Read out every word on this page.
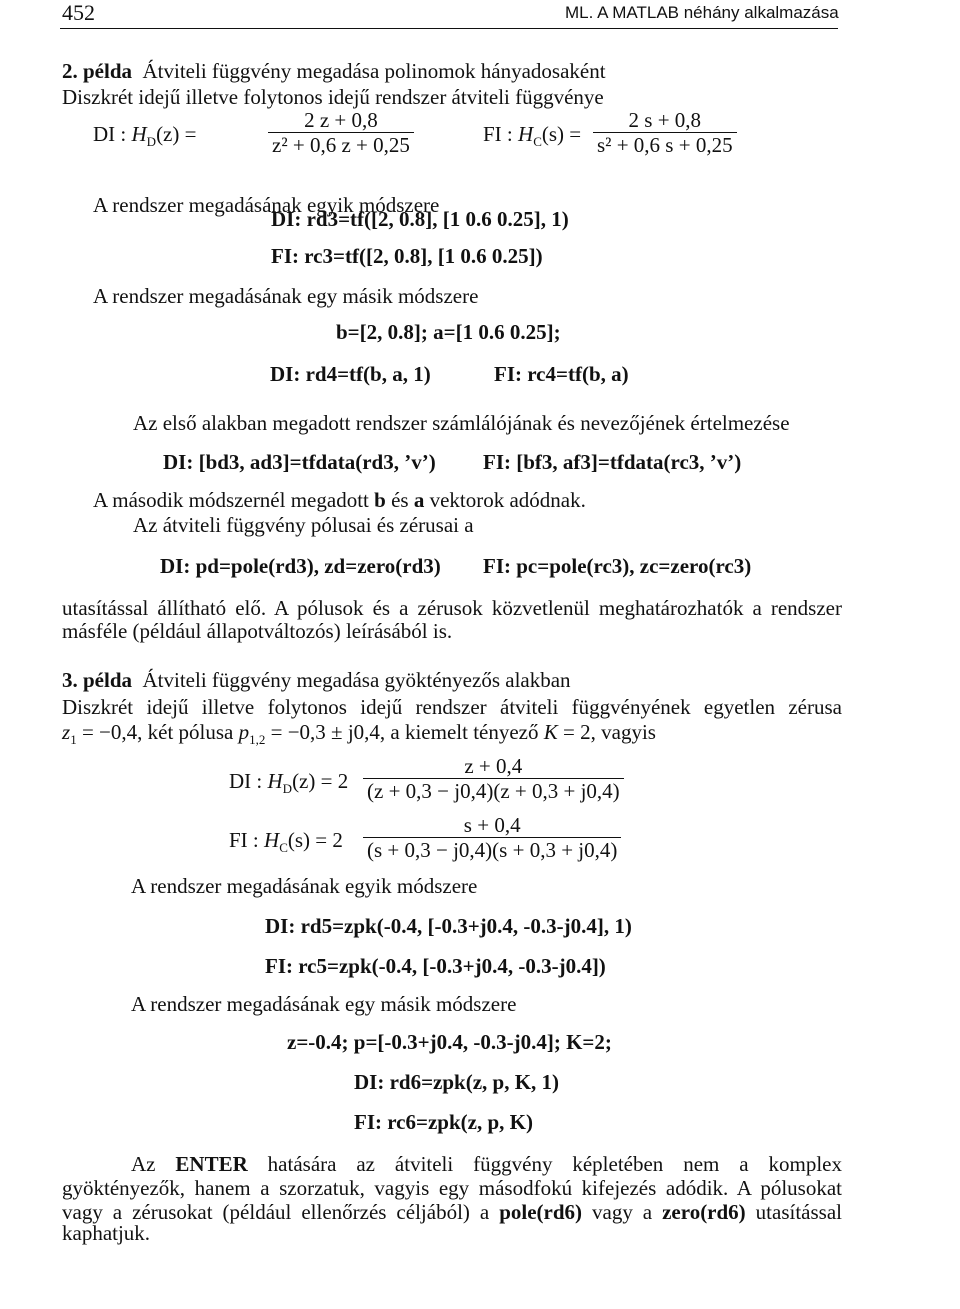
452	ML. A MATLAB néhány alkalmazása
2. példa Átviteli függvény megadása polinomok hányadosaként
Diszkrét idejű illetve folytonos idejű rendszer átviteli függvénye
DI : $H_D(z)$ =	$\frac{2 z + 0,8}{\text{z² + 0,6 z + 0,25}}$	FI : $H_C(s) = \frac{2 s + 0,8}{\text{s² + 0,6 s + 0,25}}$
A rendszer megadásának egyik módszere
DI: rd3=tf([2, 0.8], [1 0.6 0.25], 1)
FI: rc3=tf([2, 0.8], [1 0.6 0.25])
A rendszer megadásának egy másik módszere
b=[2, 0.8]; a=[1 0.6 0.25];
DI: rd4=tf(b, a, 1)	FI: rc4=tf(b, a)
Az első alakban megadott rendszer számlálójának és nevezőjének értelmezése
DI: [bd3, ad3]=tfdata(rd3, ’v’) FI: [bf3, af3]=tfdata(rc3, ’v’)
A második módszernél megadott b és a vektorok adódnak.
Az átviteli függvény pólusai és zérusai a
DI: pd=pole(rd3), zd=zero(rd3) FI: pc=pole(rc3), zc=zero(rc3)
utasítással állítható elő. A pólusok és a zérusok közvetlenül meghatározhatók a rendszer
másféle (például állapotváltozós) leírásából is.
3. példa Átviteli függvény megadása gyöktényezős alakban
Diszkrét idejű illetve folytonos idejű rendszer átviteli függvényének egyetlen zérusa
$z_1 = -0,4$, két pólusa $p_{1,2} = -0,3 \pm j0,4$, a kiemelt tényező K = 2, vagyis
DI : $H_D(z) = 2 \frac{z + 0,4}{(z + 0,3 - j0,4)(z + 0,3 + j0,4)}$
FI : $H_C(s) = 2 \frac{s + 0,4}{(s + 0,3 - j0,4)(s + 0,3 + j0,4)}$
A rendszer megadásának egyik módszere
DI: rd5=zpk(-0.4, [-0.3+j0.4, -0.3-j0.4], 1)
FI: rc5=zpk(-0.4, [-0.3+j0.4, -0.3-j0.4])
A rendszer megadásának egy másik módszere
z=-0.4; p=[-0.3+j0.4, -0.3-j0.4]; K=2;
DI: rd6=zpk(z, p, K, 1)
FI: rc6=zpk(z, p, K)
Az ENTER hatására az átviteli függvény képletében nem a komplex
gyöktényezők, hanem a szorzatuk, vagyis egy másodfokú kifejezés adódik. A pólusokat
vagy a zérusokat (például ellenőrzés céljából) a pole(rd6) vagy a zero(rd6) utasítással
kaphatjuk.
